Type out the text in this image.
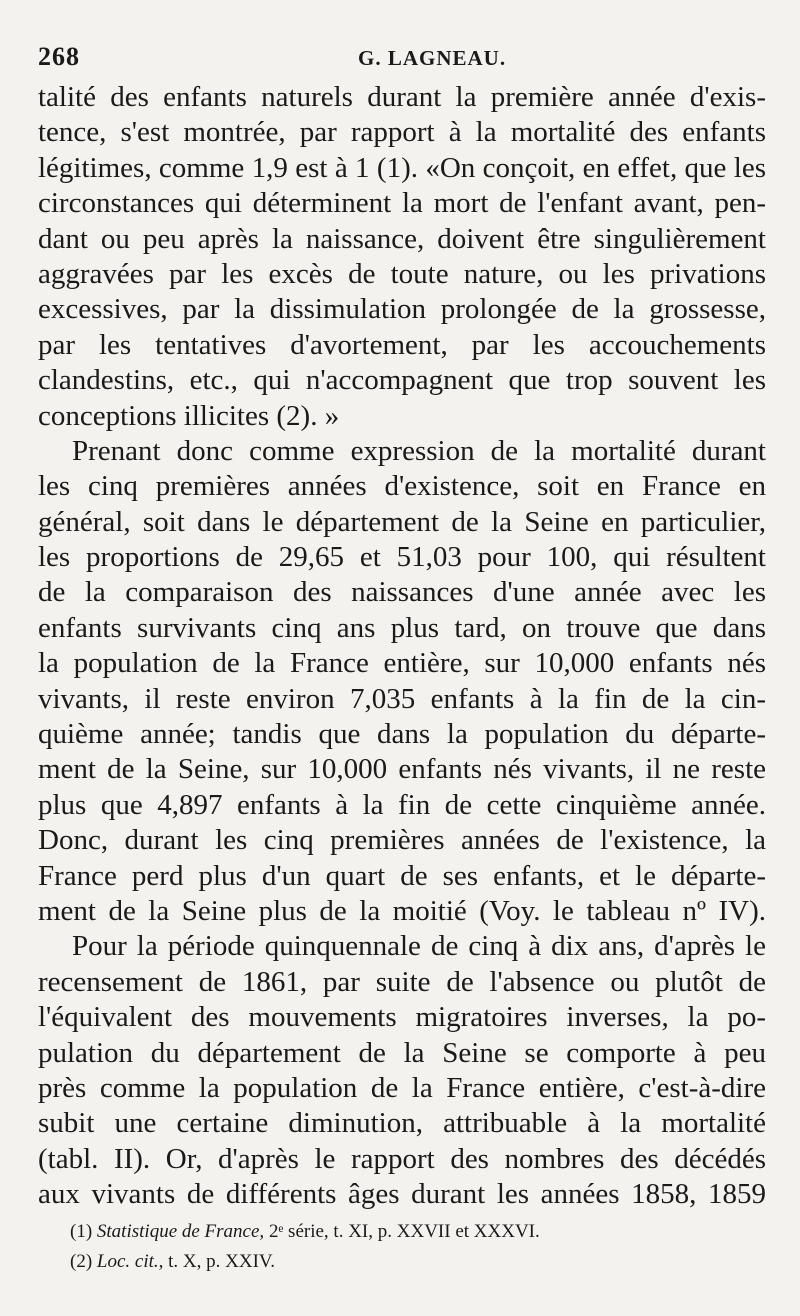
268	G. LAGNEAU.
talité des enfants naturels durant la première année d'exis-
tence, s'est montrée, par rapport à la mortalité des enfants
légitimes, comme 1,9 est à 1 (1). «On conçoit, en effet, que les
circonstances qui déterminent la mort de l'enfant avant, pen-
dant ou peu après la naissance, doivent être singulièrement
aggravées par les excès de toute nature, ou les privations
excessives, par la dissimulation prolongée de la grossesse,
par les tentatives d'avortement, par les accouchements
clandestins, etc., qui n'accompagnent que trop souvent les
conceptions illicites (2). »
Prenant donc comme expression de la mortalité durant
les cinq premières années d'existence, soit en France en
général, soit dans le département de la Seine en particulier,
les proportions de 29,65 et 51,03 pour 100, qui résultent
de la comparaison des naissances d'une année avec les
enfants survivants cinq ans plus tard, on trouve que dans
la population de la France entière, sur 10,000 enfants nés
vivants, il reste environ 7,035 enfants à la fin de la cin-
quième année; tandis que dans la population du départe-
ment de la Seine, sur 10,000 enfants nés vivants, il ne reste
plus que 4,897 enfants à la fin de cette cinquième année.
Donc, durant les cinq premières années de l'existence, la
France perd plus d'un quart de ses enfants, et le départe-
ment de la Seine plus de la moitié (Voy. le tableau nº IV).
Pour la période quinquennale de cinq à dix ans, d'après le
recensement de 1861, par suite de l'absence ou plutôt de
l'équivalent des mouvements migratoires inverses, la po-
pulation du département de la Seine se comporte à peu
près comme la population de la France entière, c'est-à-dire
subit une certaine diminution, attribuable à la mortalité
(tabl. II). Or, d'après le rapport des nombres des décédés
aux vivants de différents âges durant les années 1858, 1859
(1) Statistique de France, 2ᵉ série, t. XI, p. XXVII et XXXVI.
(2) Loc. cit., t. X, p. XXIV.
